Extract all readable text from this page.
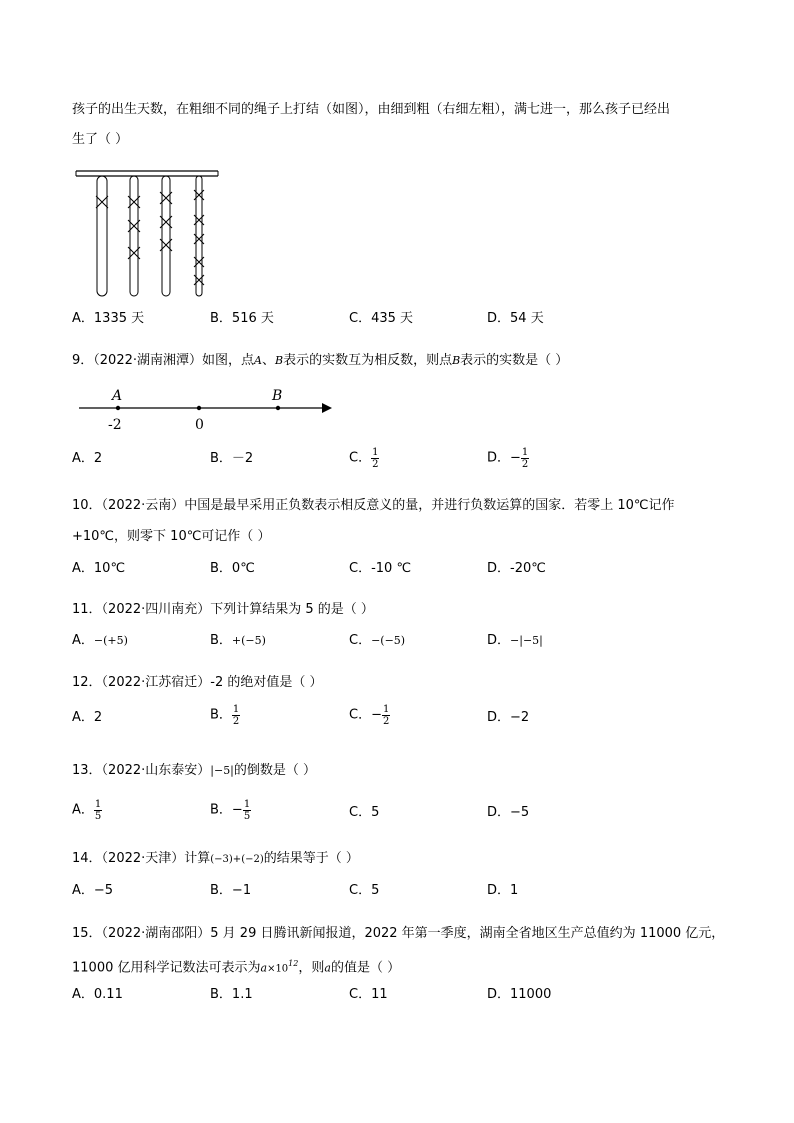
孩子的出生天数，在粗细不同的绳子上打结（如图），由细到粗（右细左粗），满七进一，那么孩子已经出
生了（ ）
A．1335 天	B．516 天	C．435 天	D．54 天
9．（2022·湖南湘潭）如图，点A、B表示的实数互为相反数，则点B表示的实数是（ ）
A	B
-2	0
A．2	B．－2	C． $\frac{1}{2}$	D．− $\frac{1}{2}$
10．（2022·云南）中国是最早采用正负数表示相反意义的量，并进行负数运算的国家．若零上 10℃记作
+10℃，则零下 10℃可记作（ ）
A．10℃	B．0℃	C．-10 ℃	D．-20℃
11．（2022·四川南充）下列计算结果为 5 的是（ ）
A．−(+5)	B．+(−5)	C．−(−5)	D．−|−5|
12．（2022·江苏宿迁）-2 的绝对值是（ ）
A．2	B． $\frac{1}{2}$	C．− $\frac{1}{2}$	D．−2
13．（2022·山东泰安）|−5|的倒数是（ ）
A． $\frac{1}{5}$	B．− $\frac{1}{5}$	C．5	D．−5
14．（2022·天津）计算(−3)+(−2)的结果等于（ ）
A．−5	B．−1	C．5	D．1
15．（2022·湖南邵阳）5 月 29 日腾讯新闻报道，2022 年第一季度，湖南全省地区生产总值约为 11000 亿元，
11000 亿用科学记数法可表示为$a\times 10^{12}$，则a的值是（ ）
A．0.11	B．1.1	C．11	D．11000
